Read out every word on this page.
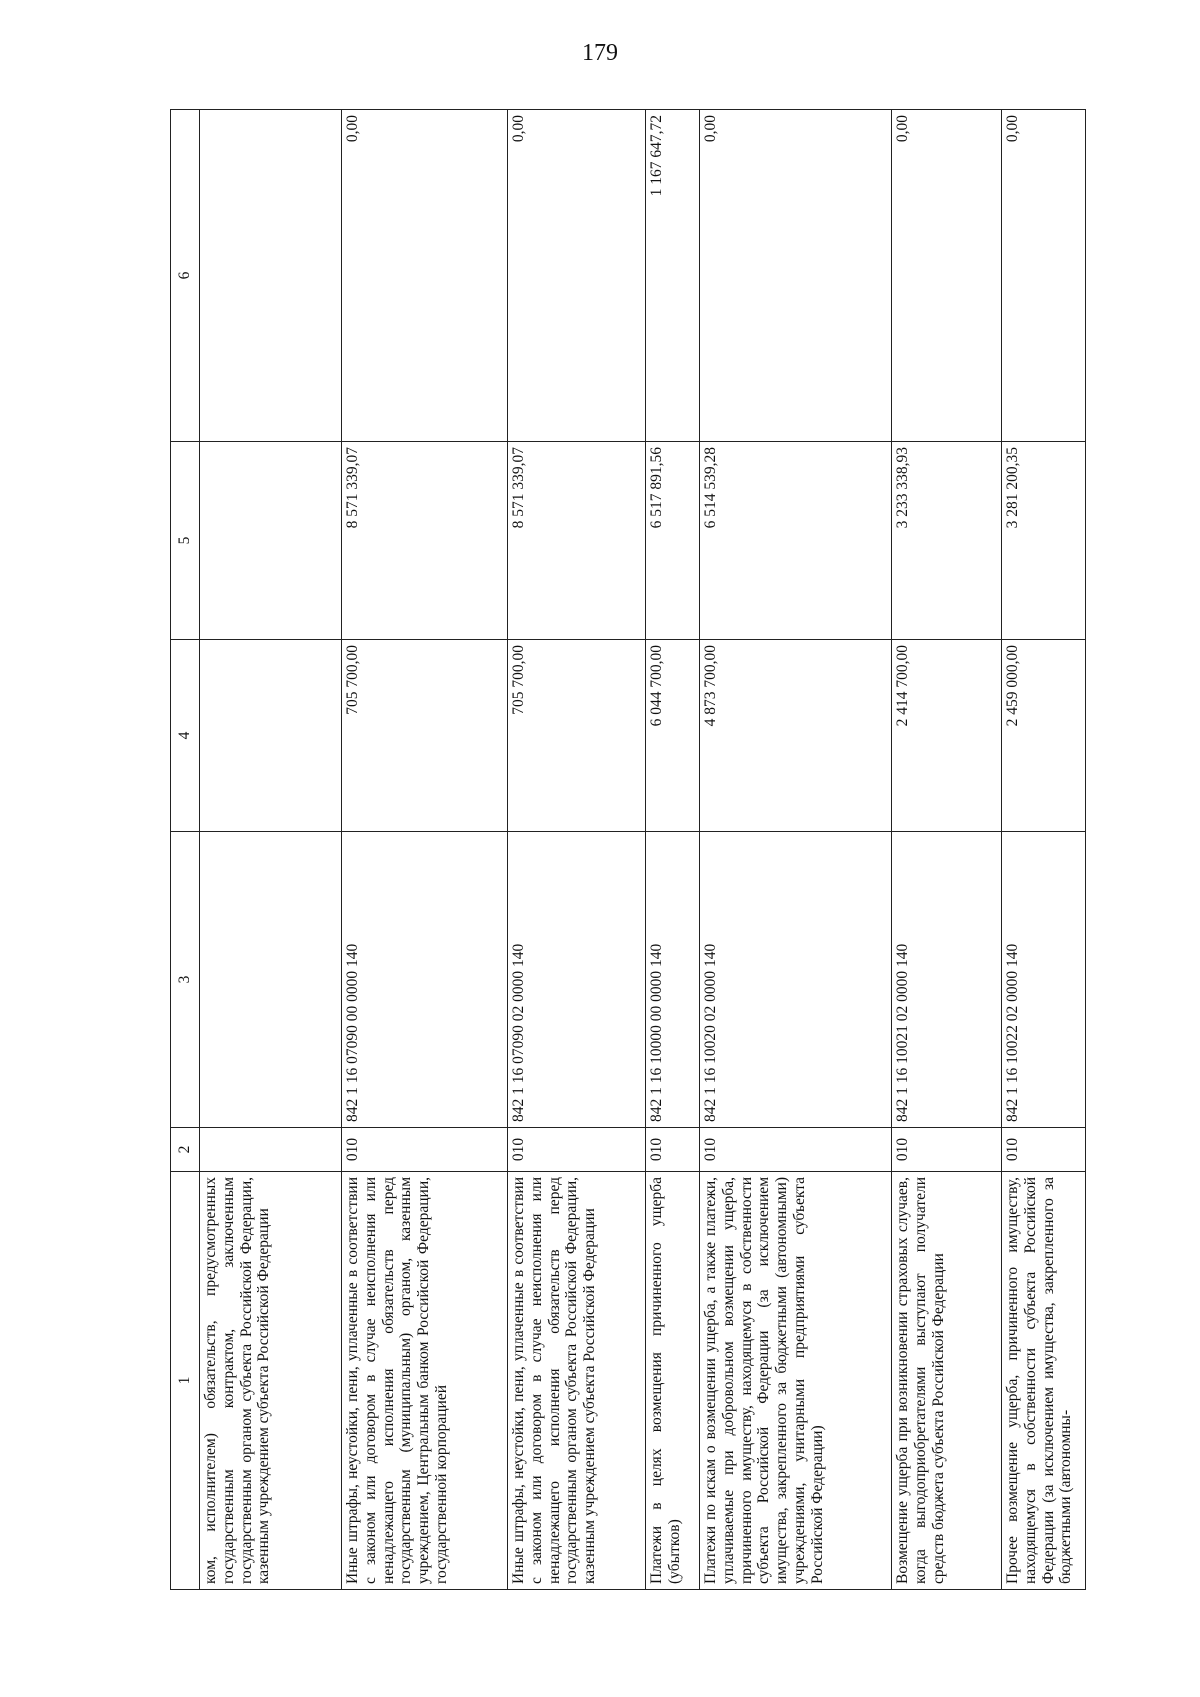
179
1	2	3	4	5	6
ком, исполнителем) обязательств, предусмотренных государственным контрактом, заключенным государственным органом субъекта Российской Федерации, казенным учреждением субъекта Российской Федерации					
Иные штрафы, неустойки, пени, уплаченные в соответствии с законом или договором в случае неисполнения или ненадлежащего исполнения обязательств перед государственным (муниципальным) органом, казенным учреждением, Центральным банком Российской Федерации, государственной корпорацией	010	842 1 16 07090 00 0000 140	705 700,00	8 571 339,07	0,00
Иные штрафы, неустойки, пени, уплаченные в соответствии с законом или договором в случае неисполнения или ненадлежащего исполнения обязательств перед государственным органом субъекта Российской Федерации, казенным учреждением субъекта Российской Федерации	010	842 1 16 07090 02 0000 140	705 700,00	8 571 339,07	0,00
Платежи в целях возмещения причиненного ущерба (убытков)	010	842 1 16 10000 00 0000 140	6 044 700,00	6 517 891,56	1 167 647,72
Платежи по искам о возмещении ущерба, а также платежи, уплачиваемые при добровольном возмещении ущерба, причиненного имуществу, находящемуся в собственности субъекта Российской Федерации (за исключением имущества, закрепленного за бюджетными (автономными) учреждениями, унитарными предприятиями субъекта Российской Федерации)	010	842 1 16 10020 02 0000 140	4 873 700,00	6 514 539,28	0,00
Возмещение ущерба при возникновении страховых случаев, когда выгодоприобретателями выступают получатели средств бюджета субъекта Российской Федерации	010	842 1 16 10021 02 0000 140	2 414 700,00	3 233 338,93	0,00
Прочее возмещение ущерба, причиненного имуществу, находящемуся в собственности субъекта Российской Федерации (за исключением имущества, закрепленного за бюджетными (автономны-	010	842 1 16 10022 02 0000 140	2 459 000,00	3 281 200,35	0,00
